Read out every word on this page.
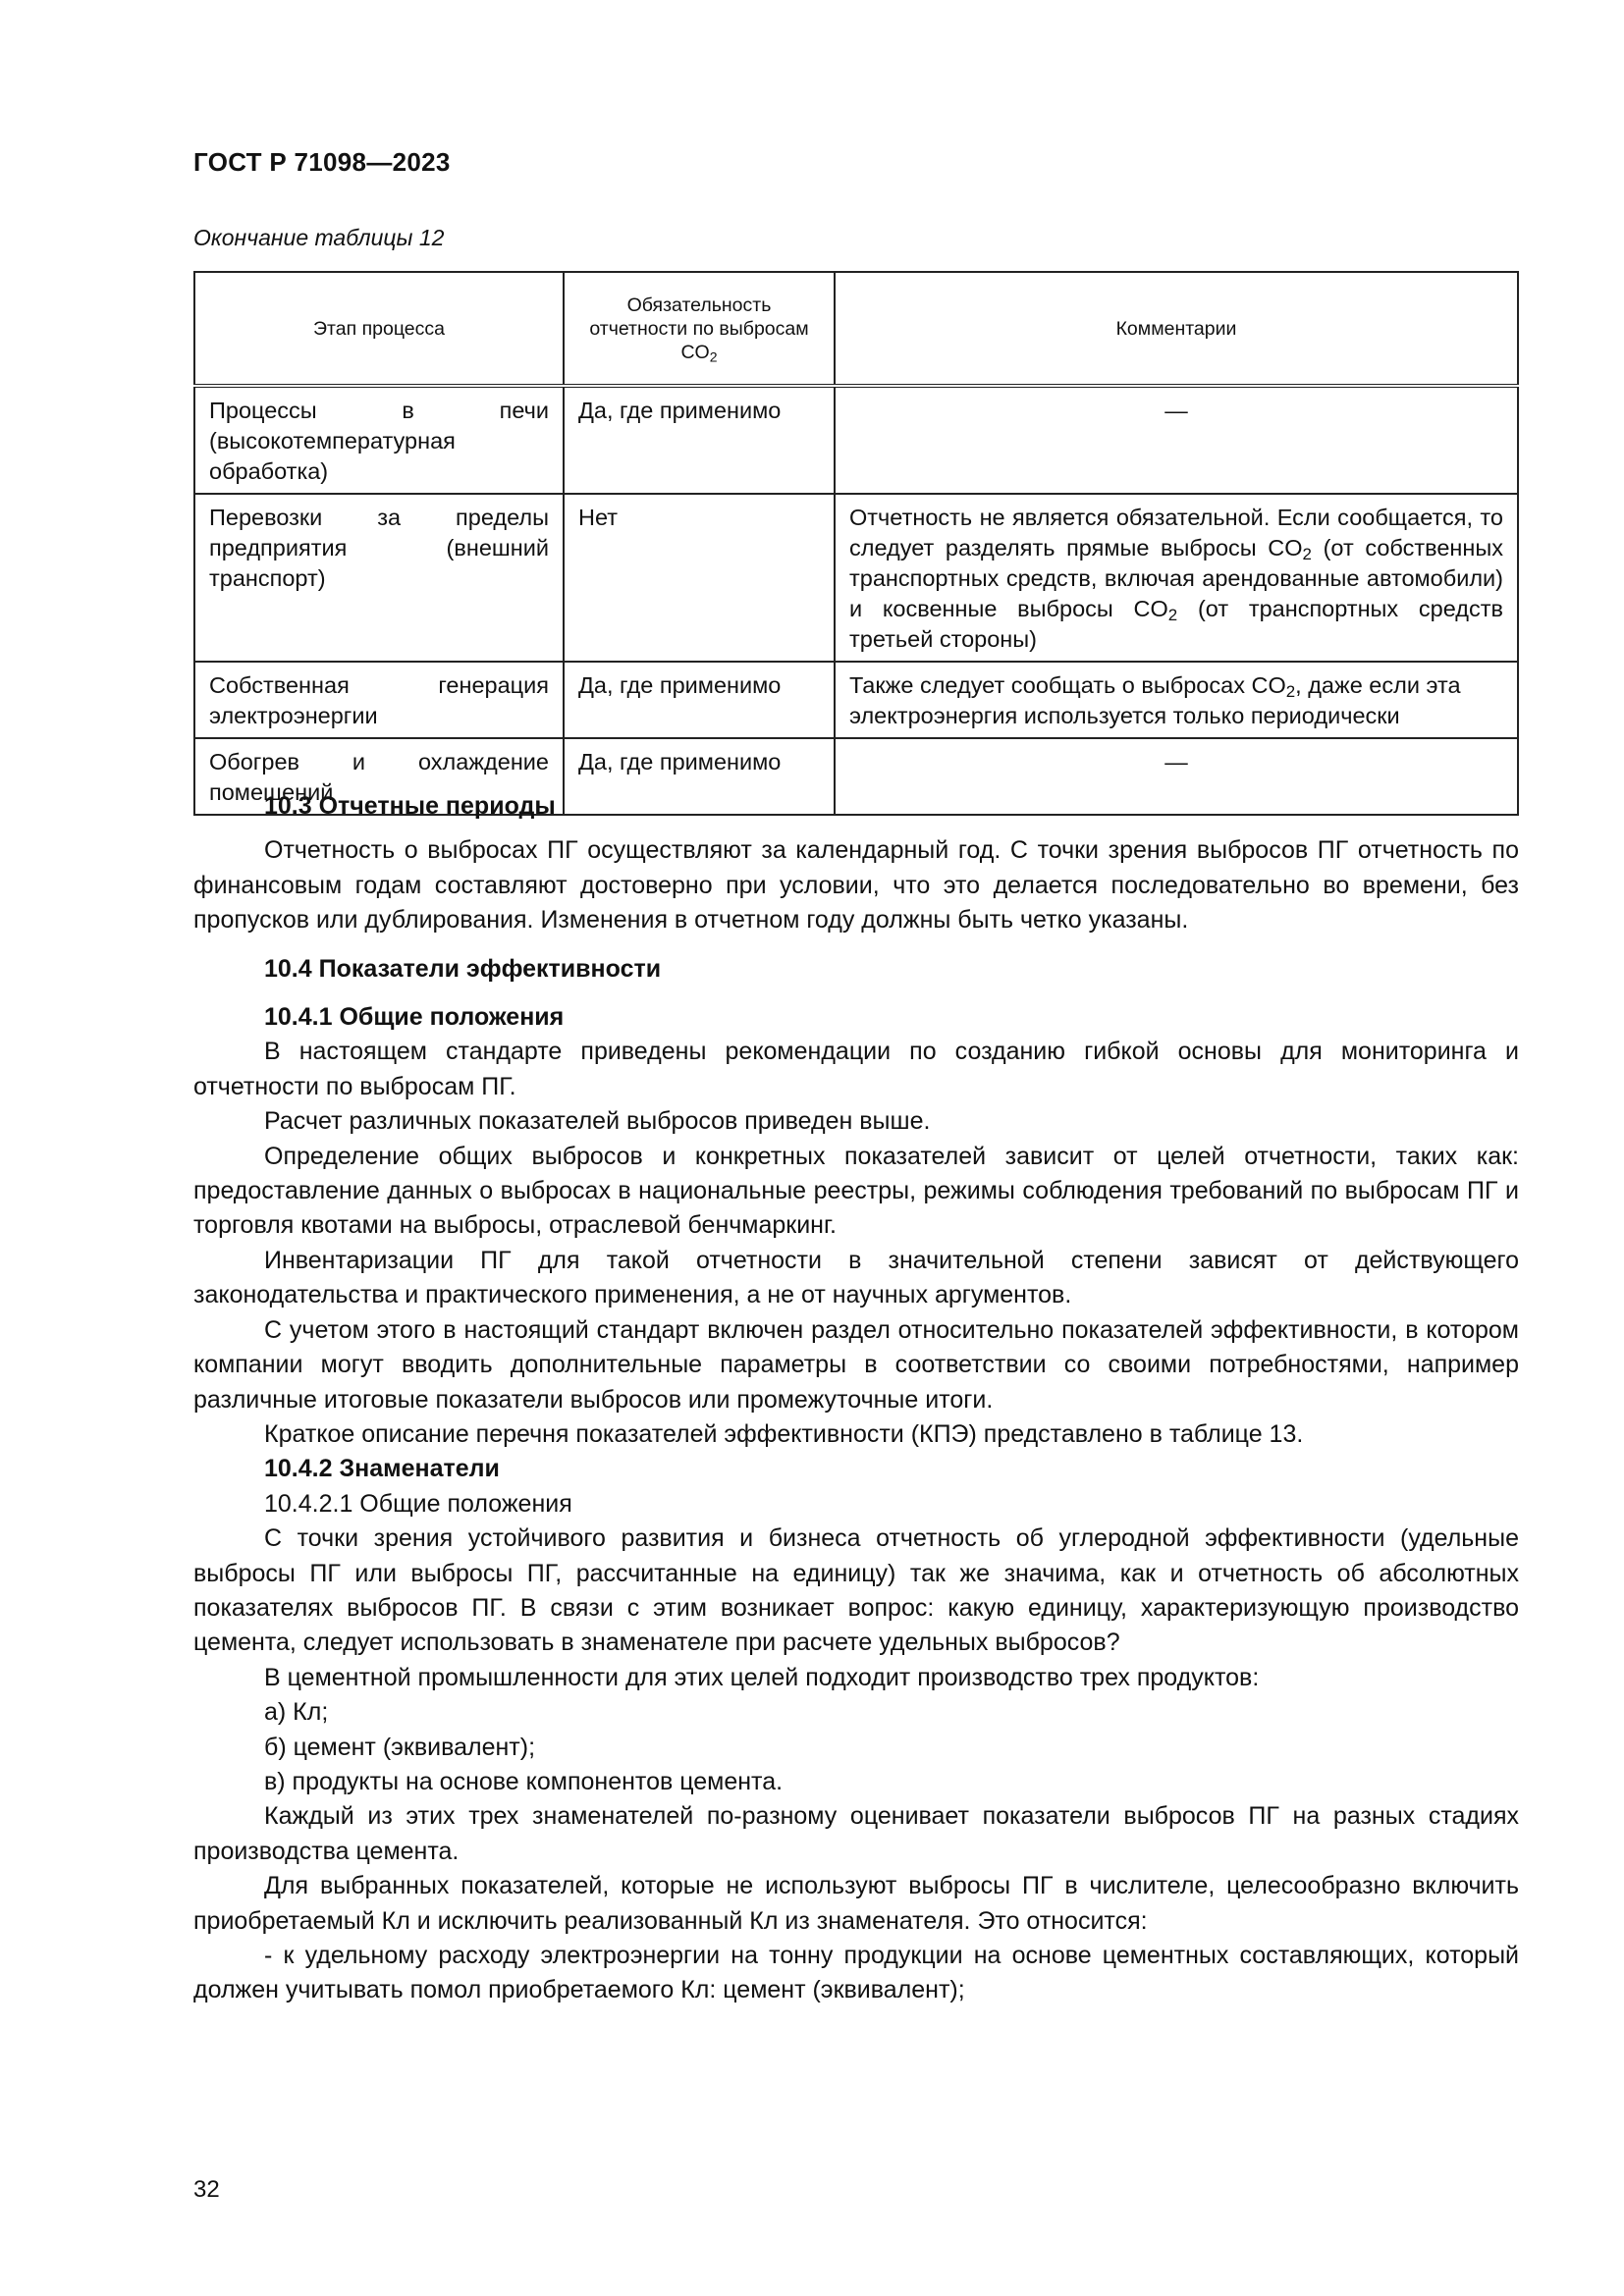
ГОСТ Р 71098—2023
Окончание таблицы 12
Этап процесса	Обязательность отчетности по выбросам $CO_2$	Комментарии

Процессы в печи (высокотемпературная обработка)	Да, где применимо	—

Перевозки за пределы предприятия (внешний транспорт)	Нет	Отчетность не является обязательной. Если сообщается, то следует разделять прямые выбросы $CO_2$ (от собственных транспортных средств, включая арендованные автомобили) и косвенные выбросы $CO_2$ (от транспортных средств третьей стороны)
Собственная генерация электроэнергии	Да, где применимо	Также следует сообщать о выбросах $CO_2$, даже если эта электроэнергия используется только периодически

Обогрев и охлаждение помещений	Да, где применимо	—
10.3 Отчетные периоды

Отчетность о выбросах ПГ осуществляют за календарный год. С точки зрения выбросов ПГ отчетность по финансовым годам составляют достоверно при условии, что это делается последовательно во времени, без пропусков или дублирования. Изменения в отчетном году должны быть четко указаны.

10.4 Показатели эффективности
10.4.1 Общие положения

В настоящем стандарте приведены рекомендации по созданию гибкой основы для мониторинга и отчетности по выбросам ПГ.

Расчет различных показателей выбросов приведен выше.

Определение общих выбросов и конкретных показателей зависит от целей отчетности, таких как: предоставление данных о выбросах в национальные реестры, режимы соблюдения требований по выбросам ПГ и торговля квотами на выбросы, отраслевой бенчмаркинг.

Инвентаризации ПГ для такой отчетности в значительной степени зависят от действующего законодательства и практического применения, а не от научных аргументов.

С учетом этого в настоящий стандарт включен раздел относительно показателей эффективности, в котором компании могут вводить дополнительные параметры в соответствии со своими потребностями, например различные итоговые показатели выбросов или промежуточные итоги.

Краткое описание перечня показателей эффективности (КПЭ) представлено в таблице 13.

10.4.2 Знаменатели
10.4.2.1 Общие положения

С точки зрения устойчивого развития и бизнеса отчетность об углеродной эффективности (удельные выбросы ПГ или выбросы ПГ, рассчитанные на единицу) так же значима, как и отчетность об абсолютных показателях выбросов ПГ. В связи с этим возникает вопрос: какую единицу, характеризующую производство цемента, следует использовать в знаменателе при расчете удельных выбросов?

В цементной промышленности для этих целей подходит производство трех продуктов:

а) Кл;
б) цемент (эквивалент);
в) продукты на основе компонентов цемента.

Каждый из этих трех знаменателей по-разному оценивает показатели выбросов ПГ на разных стадиях производства цемента.

Для выбранных показателей, которые не используют выбросы ПГ в числителе, целесообразно включить приобретаемый Кл и исключить реализованный Кл из знаменателя. Это относится:

- к удельному расходу электроэнергии на тонну продукции на основе цементных составляющих, который должен учитывать помол приобретаемого Кл: цемент (эквивалент);

32
